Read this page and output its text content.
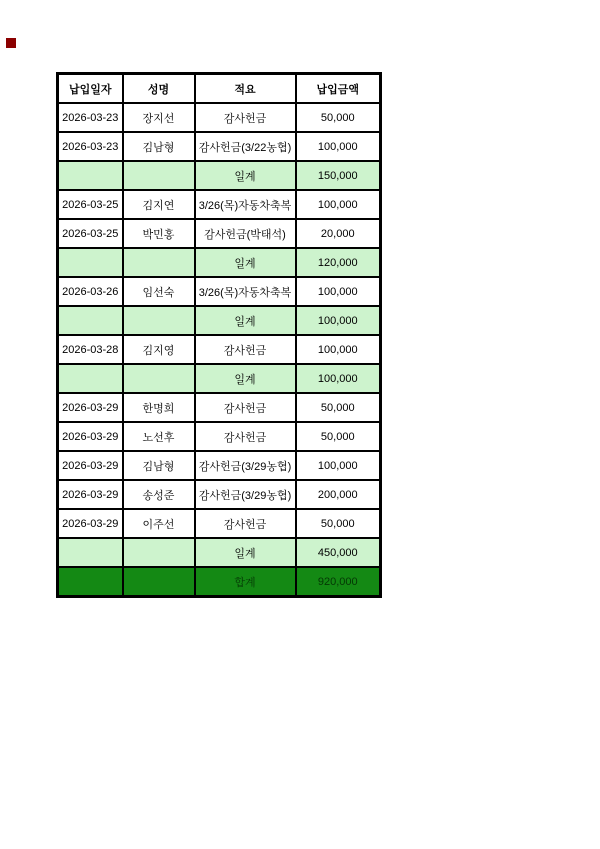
납입일자	성명	적요	납입금액
2026-03-23	장지선	감사헌금	50,000
2026-03-23	김남형	감사헌금(3/22농협)	100,000
		일계	150,000
2026-03-25	김지연	3/26(목)자동차축복	100,000
2026-03-25	박민홍	감사헌금(박태석)	20,000
		일계	120,000
2026-03-26	임선숙	3/26(목)자동차축복	100,000
		일계	100,000
2026-03-28	김지영	감사헌금	100,000
		일계	100,000
2026-03-29	한명희	감사헌금	50,000
2026-03-29	노선후	감사헌금	50,000
2026-03-29	김남형	감사헌금(3/29농협)	100,000
2026-03-29	송성준	감사헌금(3/29농협)	200,000
2026-03-29	이주선	감사헌금	50,000
		일계	450,000
		합계	920,000
